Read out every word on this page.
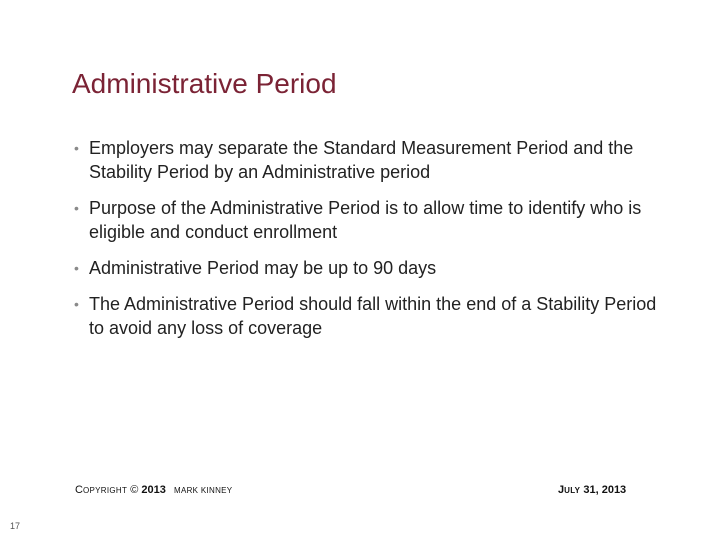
Administrative Period
• Employers may separate the Standard Measurement Period and the Stability Period by an Administrative period
• Purpose of the Administrative Period is to allow time to identify who is eligible and conduct enrollment
• Administrative Period may be up to 90 days
• The Administrative Period should fall within the end of a Stability Period to avoid any loss of coverage
COPYRIGHT © 2013 MARK KINNEY	JULY 31, 2013
17
